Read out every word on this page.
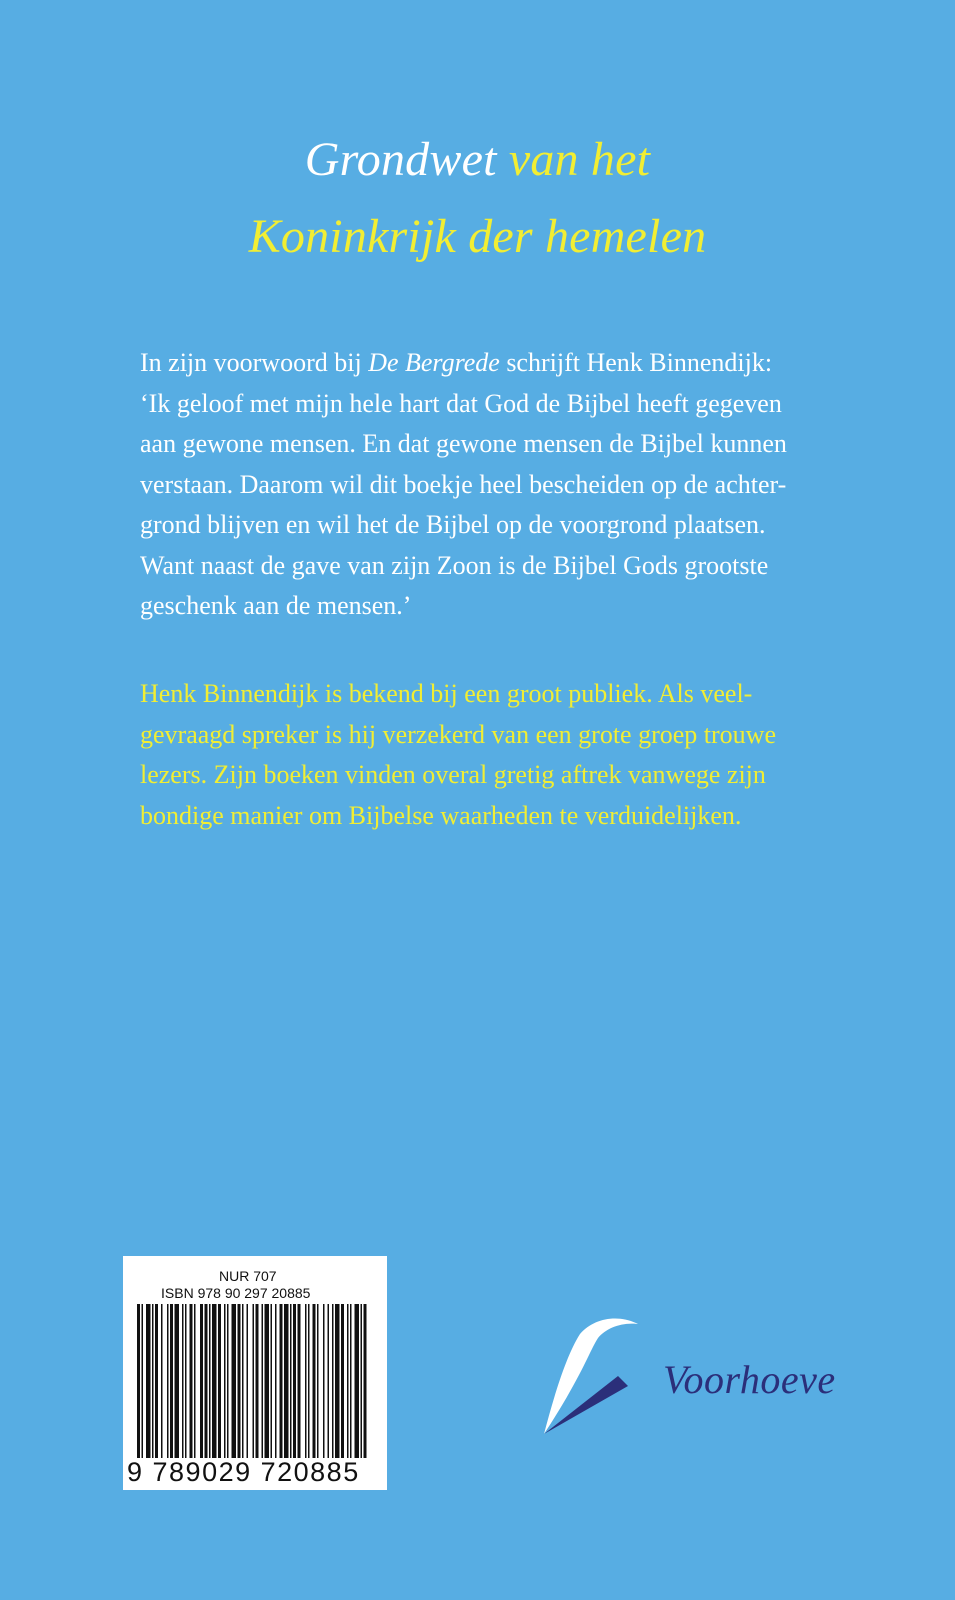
Grondwet van het
Koninkrijk der hemelen
In zijn voorwoord bij De Bergrede schrijft Henk Binnendijk:
‘Ik geloof met mijn hele hart dat God de Bijbel heeft gegeven
aan gewone mensen. En dat gewone mensen de Bijbel kunnen
verstaan. Daarom wil dit boekje heel bescheiden op de achter-
grond blijven en wil het de Bijbel op de voorgrond plaatsen.
Want naast de gave van zijn Zoon is de Bijbel Gods grootste
geschenk aan de mensen.’
Henk Binnendijk is bekend bij een groot publiek. Als veel-
gevraagd spreker is hij verzekerd van een grote groep trouwe
lezers. Zijn boeken vinden overal gretig aftrek vanwege zijn
bondige manier om Bijbelse waarheden te verduidelijken.
NUR 707
ISBN 978 90 297 20885
9 789029 720885
Voorhoeve
